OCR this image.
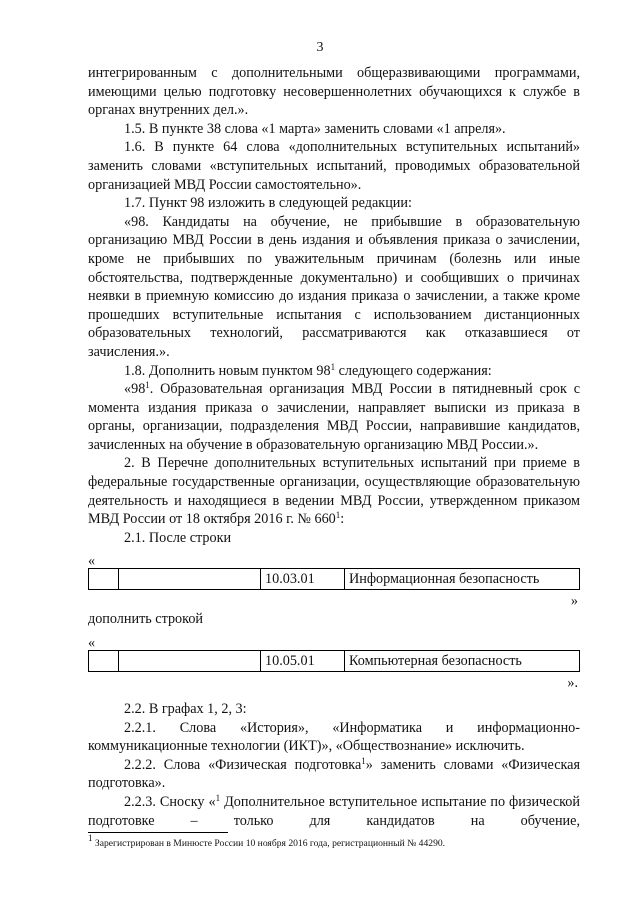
3

интегрированным с дополнительными общеразвивающими программами, имеющими целью подготовку несовершеннолетних обучающихся к службе в органах внутренних дел.».

1.5. В пункте 38 слова «1 марта» заменить словами «1 апреля».

1.6. В пункте 64 слова «дополнительных вступительных испытаний» заменить словами «вступительных испытаний, проводимых образовательной организацией МВД России самостоятельно».

1.7. Пункт 98 изложить в следующей редакции:

«98. Кандидаты на обучение, не прибывшие в образовательную организацию МВД России в день издания и объявления приказа о зачислении, кроме не прибывших по уважительным причинам (болезнь или иные обстоятельства, подтвержденные документально) и сообщивших о причинах неявки в приемную комиссию до издания приказа о зачислении, а также кроме прошедших вступительные испытания с использованием дистанционных образовательных технологий, рассматриваются как отказавшиеся от зачисления.».

1.8. Дополнить новым пунктом $98^1$ следующего содержания:

«$98^1$. Образовательная организация МВД России в пятидневный срок с момента издания приказа о зачислении, направляет выписки из приказа в органы, организации, подразделения МВД России, направившие кандидатов, зачисленных на обучение в образовательную организацию МВД России.».

2. В Перечне дополнительных вступительных испытаний при приеме в федеральные государственные организации, осуществляющие образовательную деятельность и находящиеся в ведении МВД России, утвержденном приказом МВД России от 18 октября 2016 г. № $660^1$:

2.1. После строки

«
		10.03.01	Информационная безопасность
»

дополнить строкой

«
		10.05.01	Компьютерная безопасность
».

2.2. В графах 1, 2, 3:

2.2.1. Слова «История», «Информатика и информационно-коммуникационные технологии (ИКТ)», «Обществознание» исключить.

2.2.2. Слова «Физическая подготовка$^1$» заменить словами «Физическая подготовка».

2.2.3. Сноску «$^1$ Дополнительное вступительное испытание по физической подготовке – только для кандидатов на обучение,

$^1$ Зарегистрирован в Минюсте России 10 ноября 2016 года, регистрационный № 44290.
